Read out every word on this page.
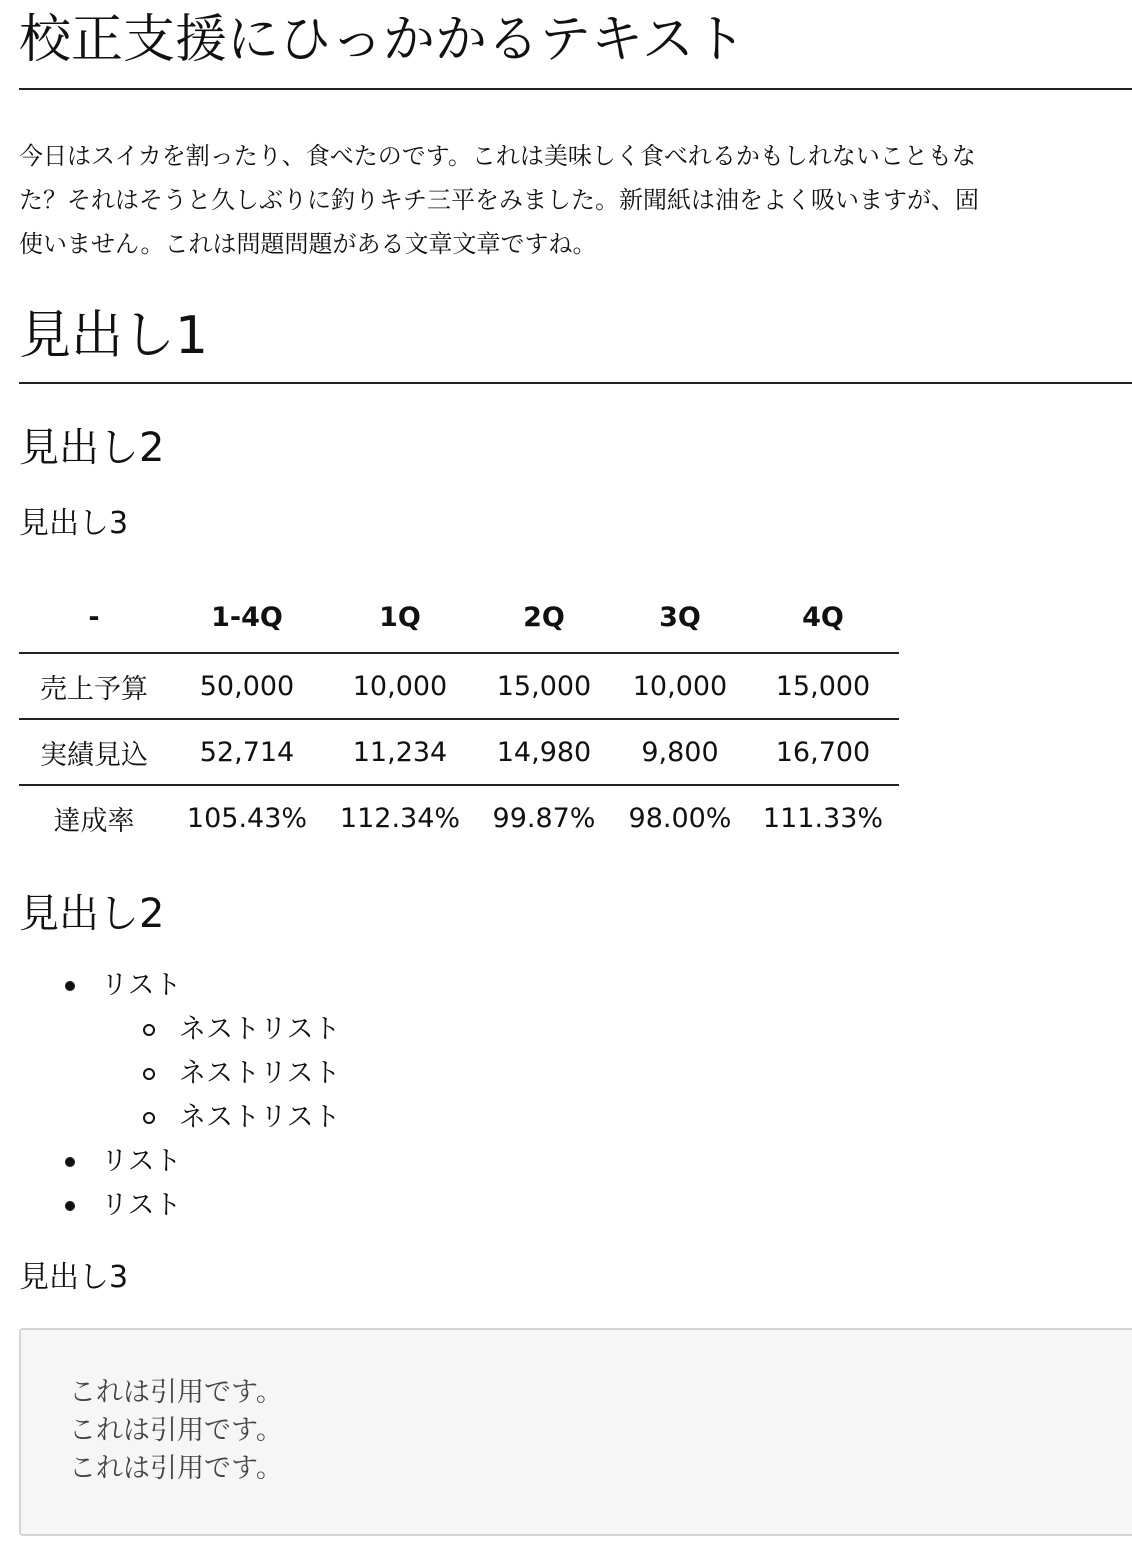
校正支援にひっかかるテキスト

今日はスイカを割ったり、食べたのです。これは美味しく食べれるかもしれないこともな
た？それはそうと久しぶりに釣りキチ三平をみました。新聞紙は油をよく吸いますが、固
使いません。これは問題問題がある文章文章ですね。

見出し1
見出し2
見出し3
-	1-4Q	1Q	2Q	3Q	4Q
売上予算	50,000	10,000	15,000	10,000	15,000
実績見込	52,714	11,234	14,980	9,800	16,700
達成率	105.43%	112.34%	99.87%	98.00%	111.33%
見出し2
リスト
ネストリスト
ネストリスト
ネストリスト
リスト
リスト
見出し3
これは引用です。
これは引用です。
これは引用です。
